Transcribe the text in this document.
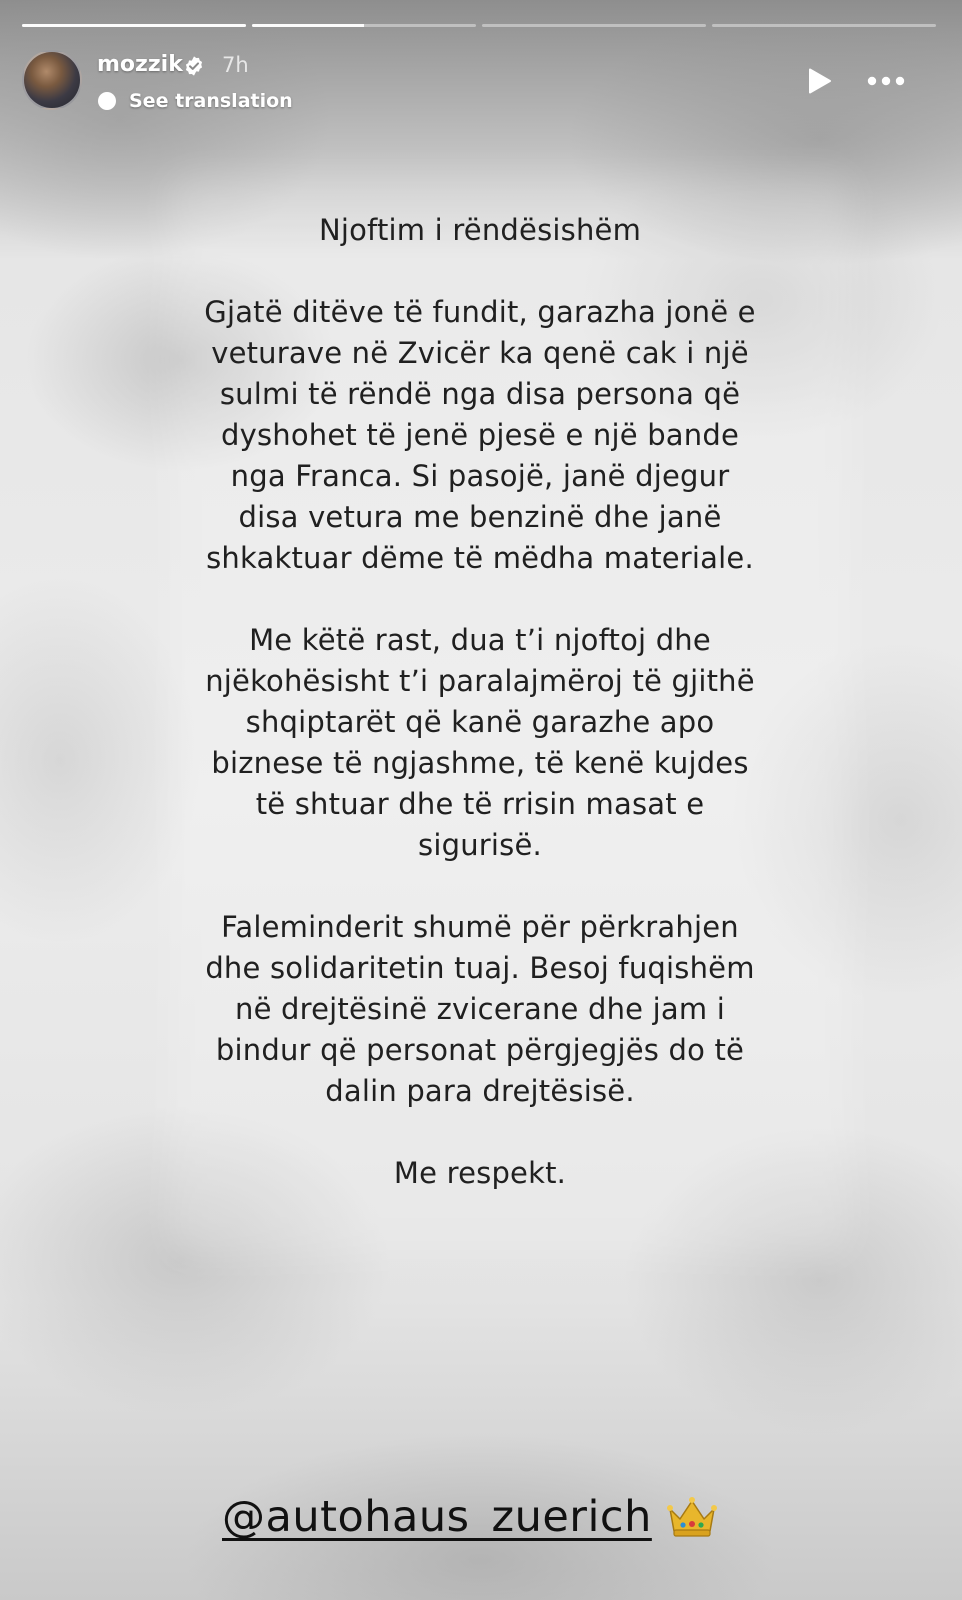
mozzik 7h
See translation

Njoftim i rëndësishëm

Gjatë ditëve të fundit, garazha jonë e veturave në Zvicër ka qenë cak i një sulmi të rëndë nga disa persona që dyshohet të jenë pjesë e një bande nga Franca. Si pasojë, janë djegur disa vetura me benzinë dhe janë shkaktuar dëme të mëdha materiale.

Me këtë rast, dua t’i njoftoj dhe njëkohësisht t’i paralajmëroj të gjithë shqiptarët që kanë garazhe apo biznese të ngjashme, të kenë kujdes të shtuar dhe të rrisin masat e sigurisë.

Faleminderit shumë për përkrahjen dhe solidaritetin tuaj. Besoj fuqishëm në drejtësinë zvicerane dhe jam i bindur që personat përgjegjës do të dalin para drejtësisë.

Me respekt.

@autohaus_zuerich
